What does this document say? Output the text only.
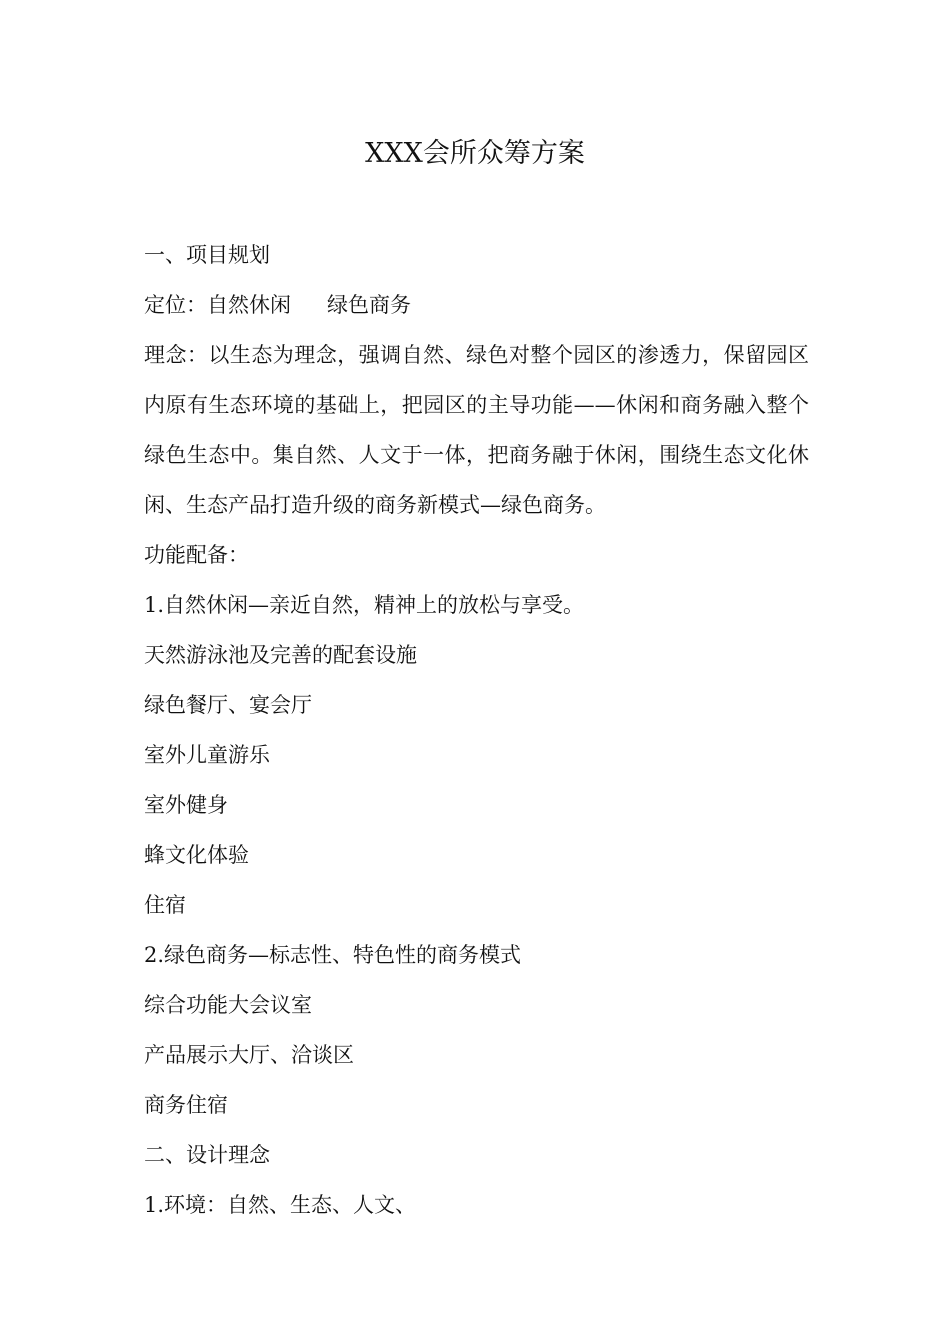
XXX会所众筹方案

一、项目规划

定位：自然休闲 绿色商务

理念：以生态为理念，强调自然、绿色对整个园区的渗透力，保留园区内原有生态环境的基础上，把园区的主导功能——休闲和商务融入整个绿色生态中。集自然、人文于一体，把商务融于休闲，围绕生态文化休闲、生态产品打造升级的商务新模式—绿色商务。

功能配备：

1.自然休闲—亲近自然，精神上的放松与享受。

天然游泳池及完善的配套设施

绿色餐厅、宴会厅

室外儿童游乐

室外健身

蜂文化体验

住宿

2.绿色商务—标志性、特色性的商务模式

综合功能大会议室

产品展示大厅、洽谈区

商务住宿

二、设计理念

1.环境：自然、生态、人文、
